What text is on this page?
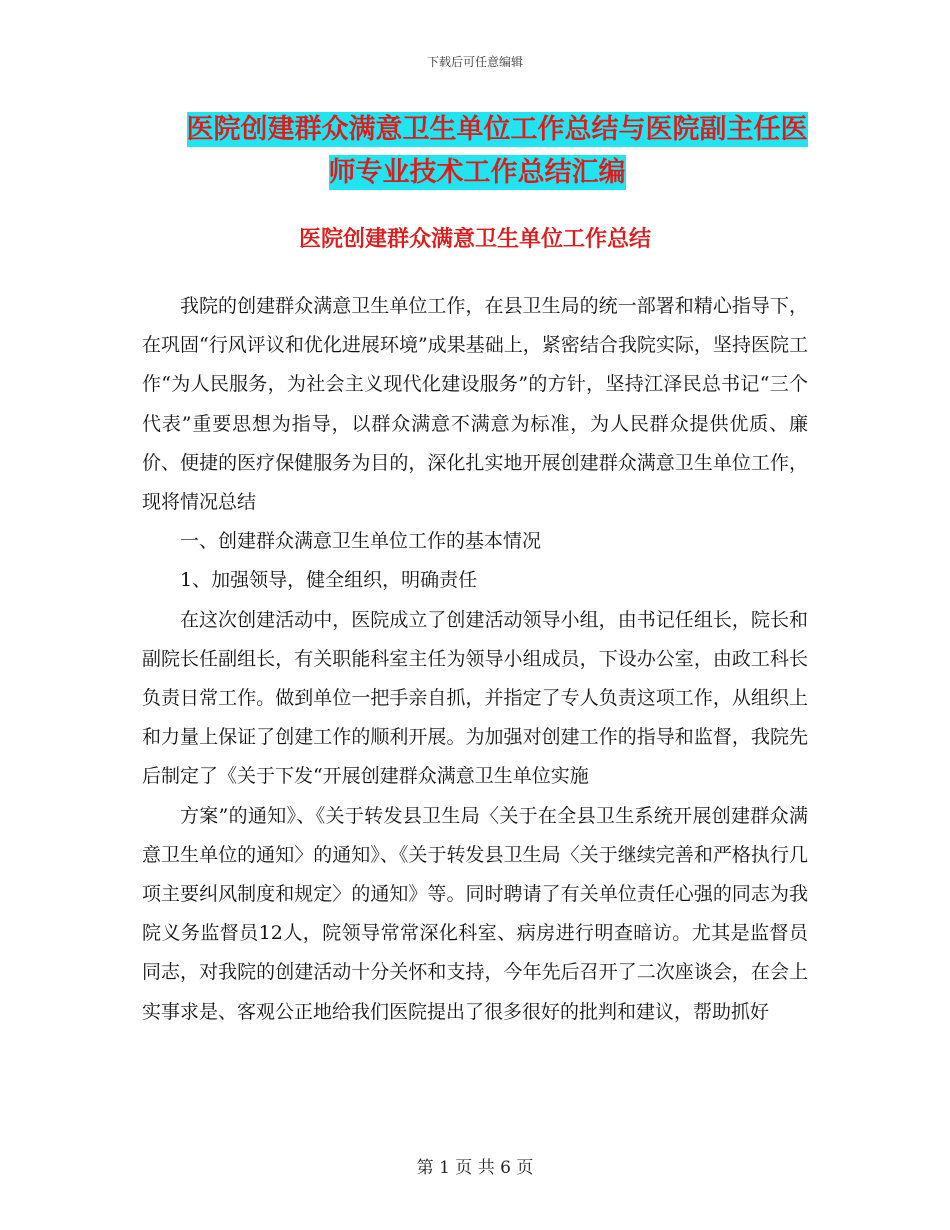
下载后可任意编辑
医院创建群众满意卫生单位工作总结与医院副主任医
师专业技术工作总结汇编
医院创建群众满意卫生单位工作总结

我院的创建群众满意卫生单位工作，在县卫生局的统一部署和精心指导下，在巩固“行风评议和优化进展环境”成果基础上，紧密结合我院实际，坚持医院工作“为人民服务，为社会主义现代化建设服务”的方针，坚持江泽民总书记“三个代表”重要思想为指导，以群众满意不满意为标准，为人民群众提供优质、廉价、便捷的医疗保健服务为目的，深化扎实地开展创建群众满意卫生单位工作，现将情况总结

一、创建群众满意卫生单位工作的基本情况

1、加强领导，健全组织，明确责任

在这次创建活动中，医院成立了创建活动领导小组，由书记任组长，院长和副院长任副组长，有关职能科室主任为领导小组成员，下设办公室，由政工科长负责日常工作。做到单位一把手亲自抓，并指定了专人负责这项工作，从组织上和力量上保证了创建工作的顺利开展。为加强对创建工作的指导和监督，我院先后制定了《关于下发“开展创建群众满意卫生单位实施

方案”的通知》、《关于转发县卫生局〈关于在全县卫生系统开展创建群众满意卫生单位的通知〉的通知》、《关于转发县卫生局〈关于继续完善和严格执行几项主要纠风制度和规定〉的通知》等。同时聘请了有关单位责任心强的同志为我院义务监督员12人，院领导常常深化科室、病房进行明查暗访。尤其是监督员同志，对我院的创建活动十分关怀和支持，今年先后召开了二次座谈会，在会上实事求是、客观公正地给我们医院提出了很多很好的批判和建议，帮助抓好

第 1 页 共 6 页
